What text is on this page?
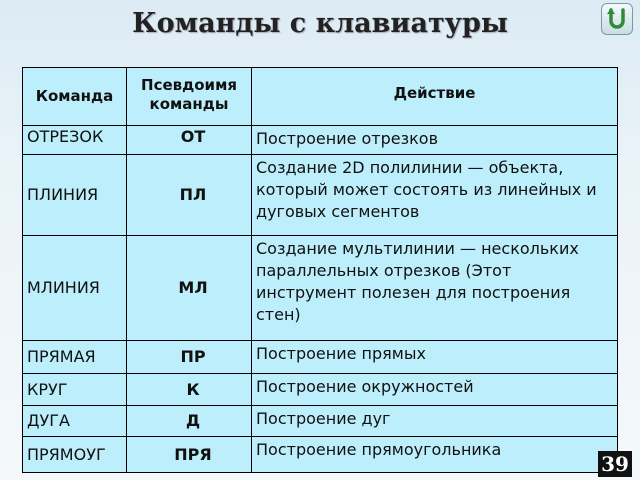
Команды с клавиатуры
Команда	Псевдоимя команды	Действие
ОТРЕЗОК	ОТ	Построение отрезков
ПЛИНИЯ	ПЛ	Создание 2D полилинии — объекта, который может состоять из линейных и дуговых сегментов
МЛИНИЯ	МЛ	Создание мультилинии — нескольких параллельных отрезков (Этот инструмент полезен для построения стен)
ПРЯМАЯ	ПР	Построение прямых
КРУГ	К	Построение окружностей
ДУГА	Д	Построение дуг
ПРЯМОУГ	ПРЯ	Построение прямоугольника
39
